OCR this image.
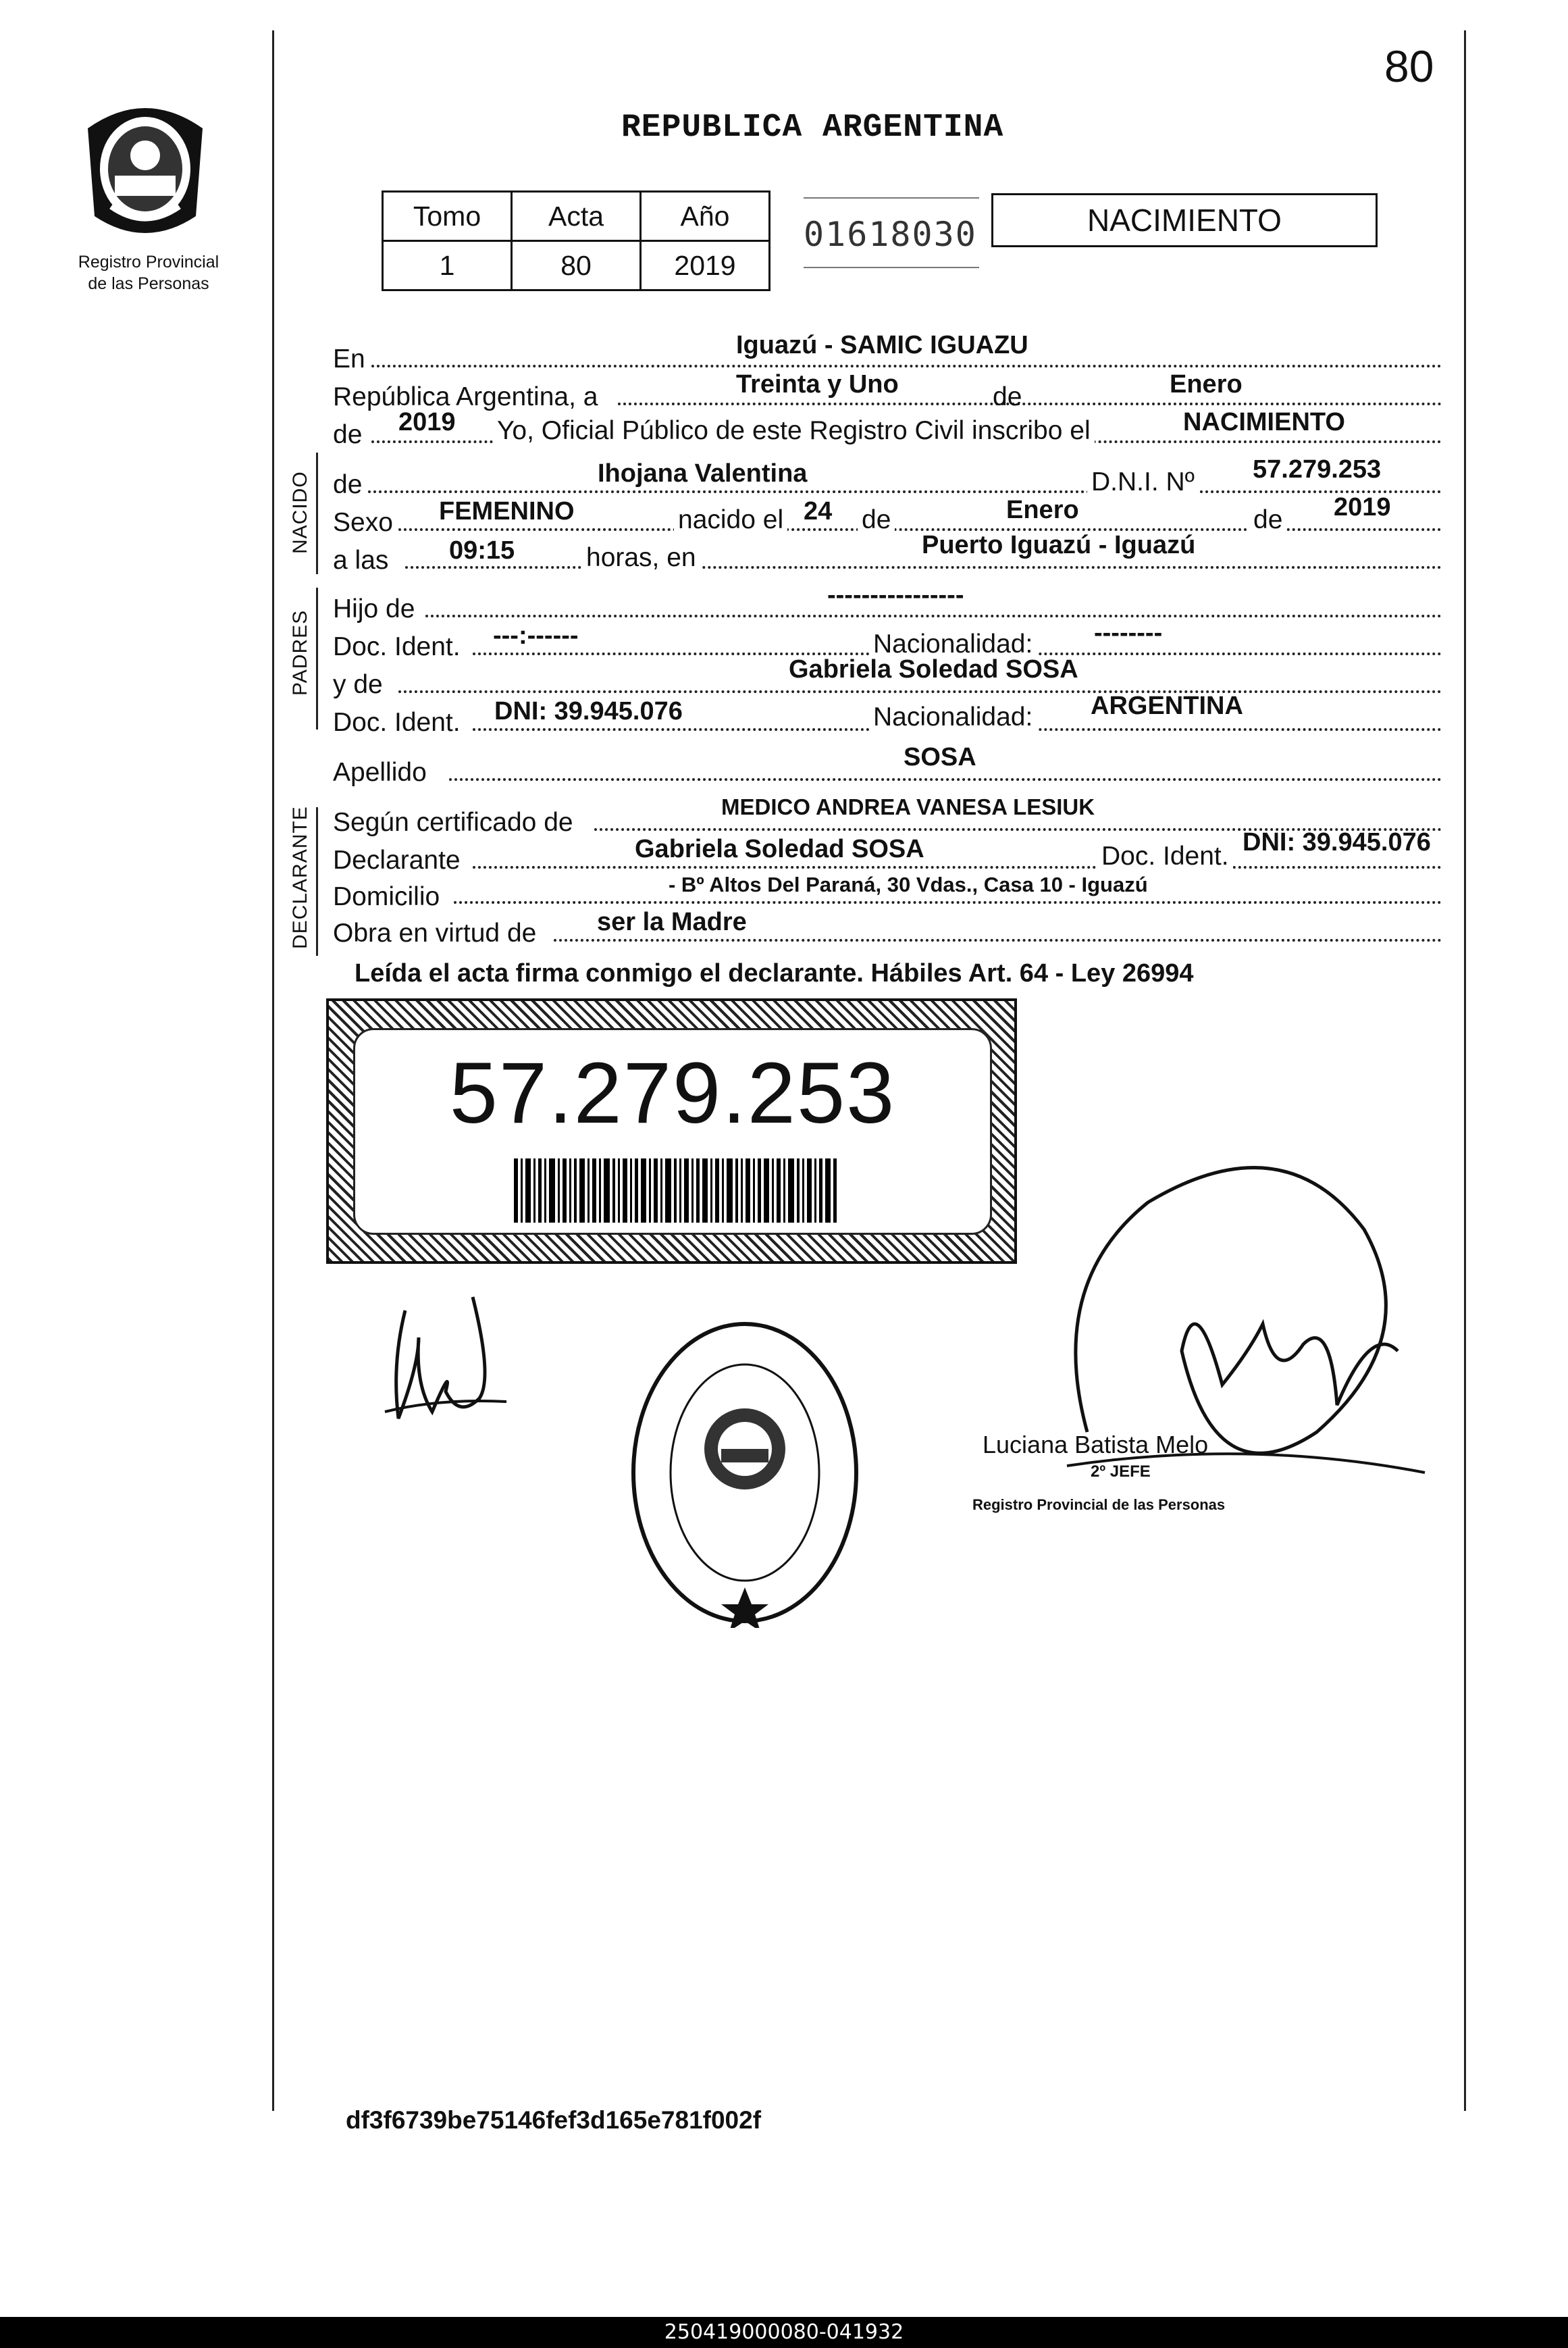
80
Registro Provincial
de las Personas
REPUBLICA ARGENTINA
Tomo	Acta	Año
1	80	2019
01618030	NACIMIENTO
En	Iguazú - SAMIC IGUAZU
República Argentina, a	Treinta y Uno	de	Enero
de 2019 Yo, Oficial Público de este Registro Civil inscribo el	NACIMIENTO
NACIDO de	Ihojana Valentina	D.N.I. Nº 57.279.253
Sexo FEMENINO	nacido el 24 de	Enero	de 2019
a las 09:15	horas, en	Puerto Iguazú - Iguazú
PADRES
Hijo de	----------------
Doc. Ident. ---:------	Nacionalidad: --------
y de
Gabriela Soledad SOSA
Doc. Ident. DNI: 39.945.076	Nacionalidad: ARGENTINA
Apellido
SOSA
DECLARANTE Según certificado de
MEDICO ANDREA VANESA LESIUK
Declarante	Gabriela Soledad SOSA	Doc. Ident. DNI: 39.945.076
Domicilio	- Bº Altos Del Paraná, 30 Vdas., Casa 10 - Iguazú
Obra en virtud de ser la Madre
Leída el acta firma conmigo el declarante. Hábiles Art. 64 - Ley 26994
57.279.253
Luciana Batista Melo
2º JEFE
Registro Provincial de las Personas
df3f6739be75146fef3d165e781f002f
250419000080-041932
